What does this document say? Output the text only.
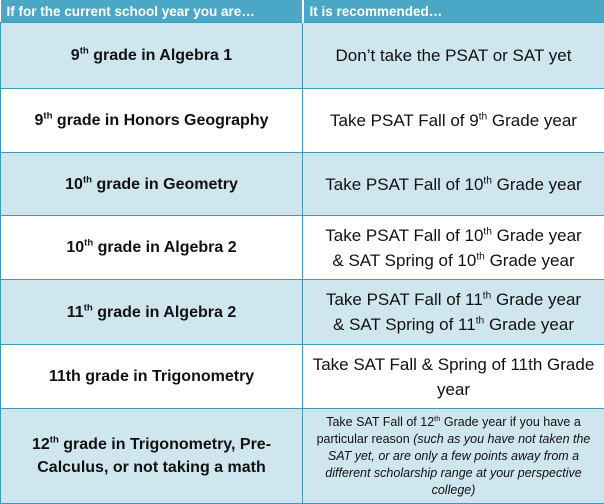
If for the current school year you are…	It is recommended…
9th grade in Algebra 1	Don’t take the PSAT or SAT yet
9th grade in Honors Geography	Take PSAT Fall of 9th Grade year
10th grade in Geometry	Take PSAT Fall of 10th Grade year
10th grade in Algebra 2	Take PSAT Fall of 10th Grade year
& SAT Spring of 10th Grade year

11th grade in Algebra 2	Take PSAT Fall of 11th Grade year
& SAT Spring of 11th Grade year

11th grade in Trigonometry	Take SAT Fall & Spring of 11th Grade year
12th grade in Trigonometry, Pre-Calculus, or not taking a math	Take SAT Fall of 12th Grade year if you have a particular reason (such as you have not taken the SAT yet, or are only a few points away from a different scholarship range at your perspective college)
